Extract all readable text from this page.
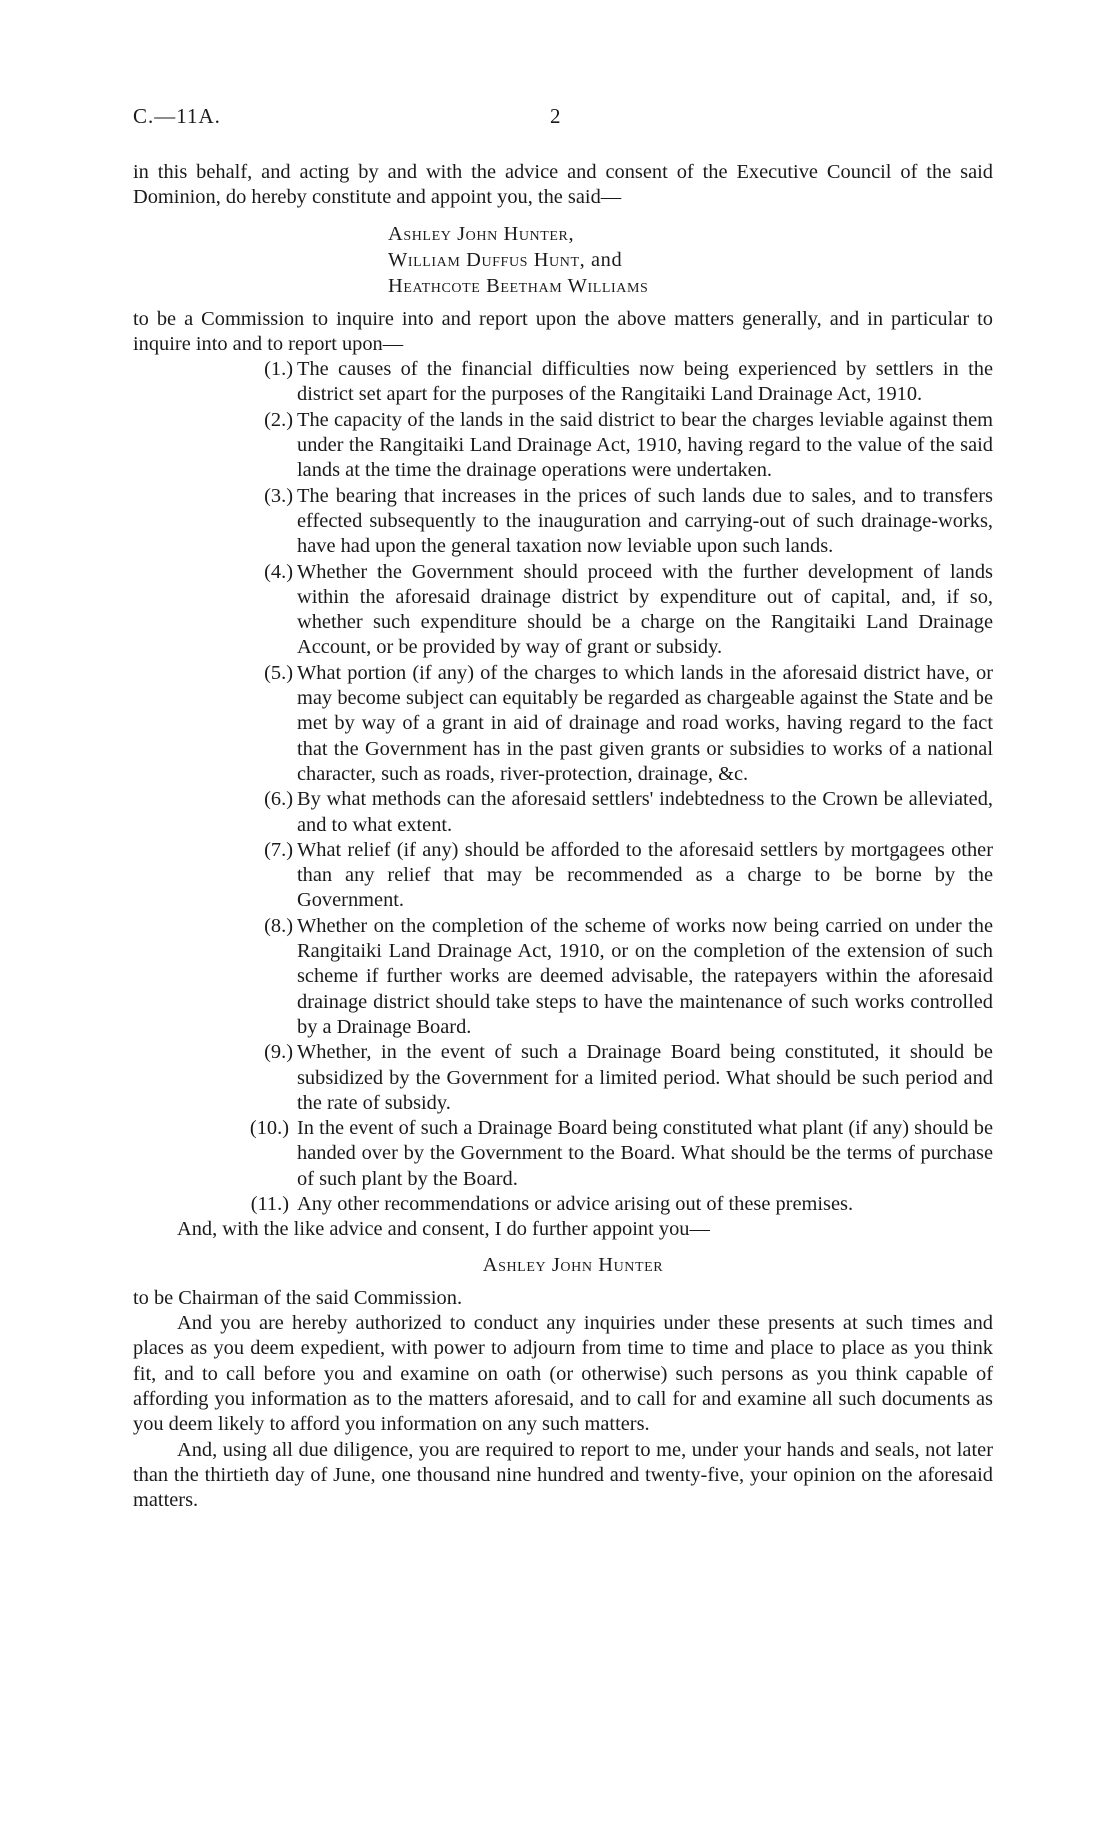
C.—11A.	2

in this behalf, and acting by and with the advice and consent of the Executive Council of the said Dominion, do hereby constitute and appoint you, the said—

Ashley John Hunter,
William Duffus Hunt, and
Heathcote Beetham Williams

to be a Commission to inquire into and report upon the above matters generally, and in particular to inquire into and to report upon—

(1.) The causes of the financial difficulties now being experienced by settlers in the district set apart for the purposes of the Rangitaiki Land Drainage Act, 1910.
(2.) The capacity of the lands in the said district to bear the charges leviable against them under the Rangitaiki Land Drainage Act, 1910, having regard to the value of the said lands at the time the drainage operations were undertaken.
(3.) The bearing that increases in the prices of such lands due to sales, and to transfers effected subsequently to the inauguration and carrying-out of such drainage-works, have had upon the general taxation now leviable upon such lands.
(4.) Whether the Government should proceed with the further development of lands within the aforesaid drainage district by expenditure out of capital, and, if so, whether such expenditure should be a charge on the Rangitaiki Land Drainage Account, or be provided by way of grant or subsidy.
(5.) What portion (if any) of the charges to which lands in the aforesaid district have, or may become subject can equitably be regarded as chargeable against the State and be met by way of a grant in aid of drainage and road works, having regard to the fact that the Government has in the past given grants or subsidies to works of a national character, such as roads, river-protection, drainage, &c.
(6.) By what methods can the aforesaid settlers' indebtedness to the Crown be alleviated, and to what extent.
(7.) What relief (if any) should be afforded to the aforesaid settlers by mortgagees other than any relief that may be recommended as a charge to be borne by the Government.
(8.) Whether on the completion of the scheme of works now being carried on under the Rangitaiki Land Drainage Act, 1910, or on the completion of the extension of such scheme if further works are deemed advisable, the ratepayers within the aforesaid drainage district should take steps to have the maintenance of such works controlled by a Drainage Board.
(9.) Whether, in the event of such a Drainage Board being constituted, it should be subsidized by the Government for a limited period. What should be such period and the rate of subsidy.
(10.) In the event of such a Drainage Board being constituted what plant (if any) should be handed over by the Government to the Board. What should be the terms of purchase of such plant by the Board.
(11.) Any other recommendations or advice arising out of these premises.

And, with the like advice and consent, I do further appoint you—

Ashley John Hunter

to be Chairman of the said Commission.

And you are hereby authorized to conduct any inquiries under these presents at such times and places as you deem expedient, with power to adjourn from time to time and place to place as you think fit, and to call before you and examine on oath (or otherwise) such persons as you think capable of affording you information as to the matters aforesaid, and to call for and examine all such documents as you deem likely to afford you information on any such matters.

And, using all due diligence, you are required to report to me, under your hands and seals, not later than the thirtieth day of June, one thousand nine hundred and twenty-five, your opinion on the aforesaid matters.
